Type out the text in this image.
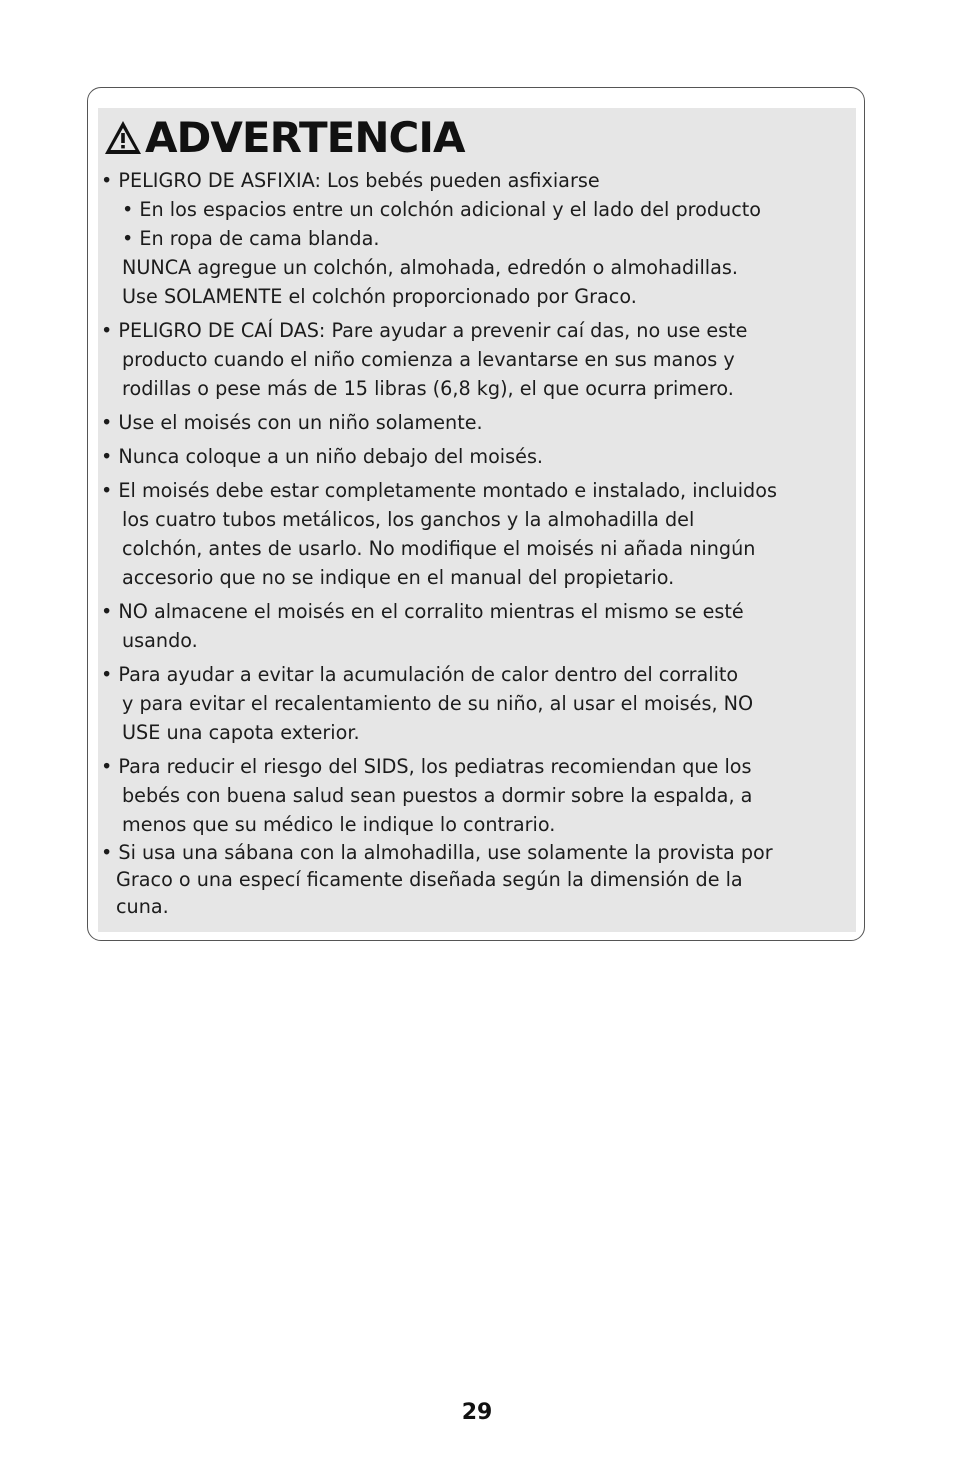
ADVERTENCIA
• PELIGRO DE ASFIXIA: Los bebés pueden asfixiarse
• En los espacios entre un colchón adicional y el lado del producto
• En ropa de cama blanda.
NUNCA agregue un colchón, almohada, edredón o almohadillas.
Use SOLAMENTE el colchón proporcionado por Graco.
• PELIGRO DE CAÍ DAS: Pare ayudar a prevenir caí das, no use este
producto cuando el niño comienza a levantarse en sus manos y
rodillas o pese más de 15 libras (6,8 kg), el que ocurra primero.
• Use el moisés con un niño solamente.
• Nunca coloque a un niño debajo del moisés.
• El moisés debe estar completamente montado e instalado, incluidos
los cuatro tubos metálicos, los ganchos y la almohadilla del
colchón, antes de usarlo. No modifique el moisés ni añada ningún
accesorio que no se indique en el manual del propietario.
• NO almacene el moisés en el corralito mientras el mismo se esté
usando.
• Para ayudar a evitar la acumulación de calor dentro del corralito
y para evitar el recalentamiento de su niño, al usar el moisés, NO
USE una capota exterior.
• Para reducir el riesgo del SIDS, los pediatras recomiendan que los
bebés con buena salud sean puestos a dormir sobre la espalda, a
menos que su médico le indique lo contrario.
• Si usa una sábana con la almohadilla, use solamente la provista por
Graco o una especí ficamente diseñada según la dimensión de la
cuna.
29
